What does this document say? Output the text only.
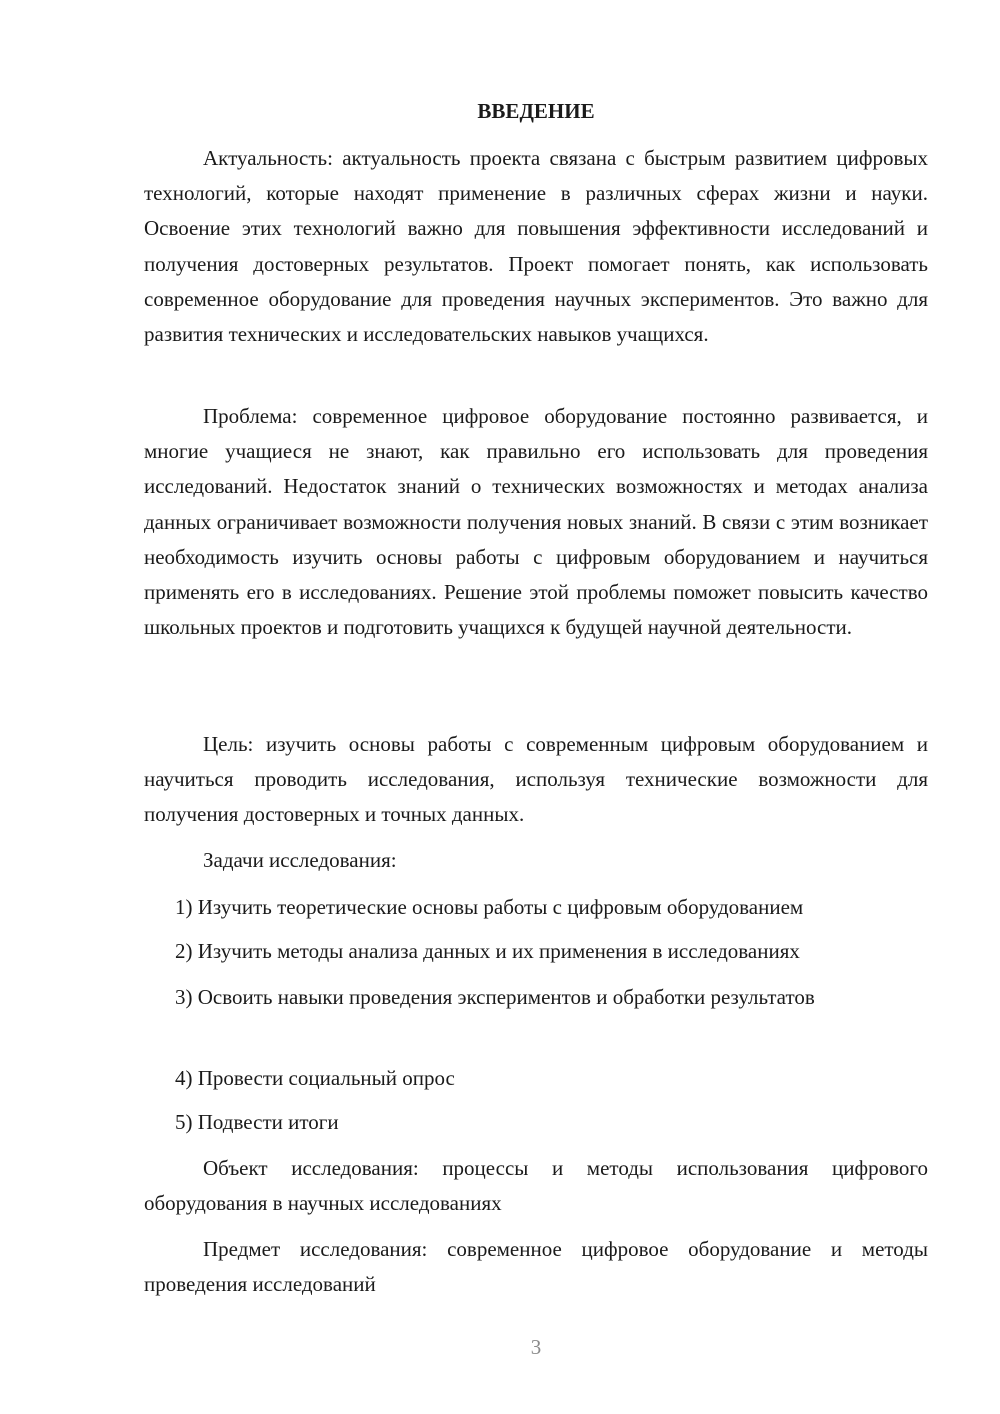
ВВЕДЕНИЕ

Актуальность: актуальность проекта связана с быстрым развитием цифровых технологий, которые находят применение в различных сферах жизни и науки. Освоение этих технологий важно для повышения эффективности исследований и получения достоверных результатов. Проект помогает понять, как использовать современное оборудование для проведения научных экспериментов. Это важно для развития технических и исследовательских навыков учащихся.

Проблема: современное цифровое оборудование постоянно развивается, и многие учащиеся не знают, как правильно его использовать для проведения исследований. Недостаток знаний о технических возможностях и методах анализа данных ограничивает возможности получения новых знаний. В связи с этим возникает необходимость изучить основы работы с цифровым оборудованием и научиться применять его в исследованиях. Решение этой проблемы поможет повысить качество школьных проектов и подготовить учащихся к будущей научной деятельности.

Цель: изучить основы работы с современным цифровым оборудованием и научиться проводить исследования, используя технические возможности для получения достоверных и точных данных.

Задачи исследования:
1) Изучить теоретические основы работы с цифровым оборудованием
2) Изучить методы анализа данных и их применения в исследованиях

3) Освоить навыки проведения экспериментов и обработки результатов

4) Провести социальный опрос
5) Подвести итоги

Объект исследования: процессы и методы использования цифрового оборудования в научных исследованиях

Предмет исследования: современное цифровое оборудование и методы проведения исследований

3
